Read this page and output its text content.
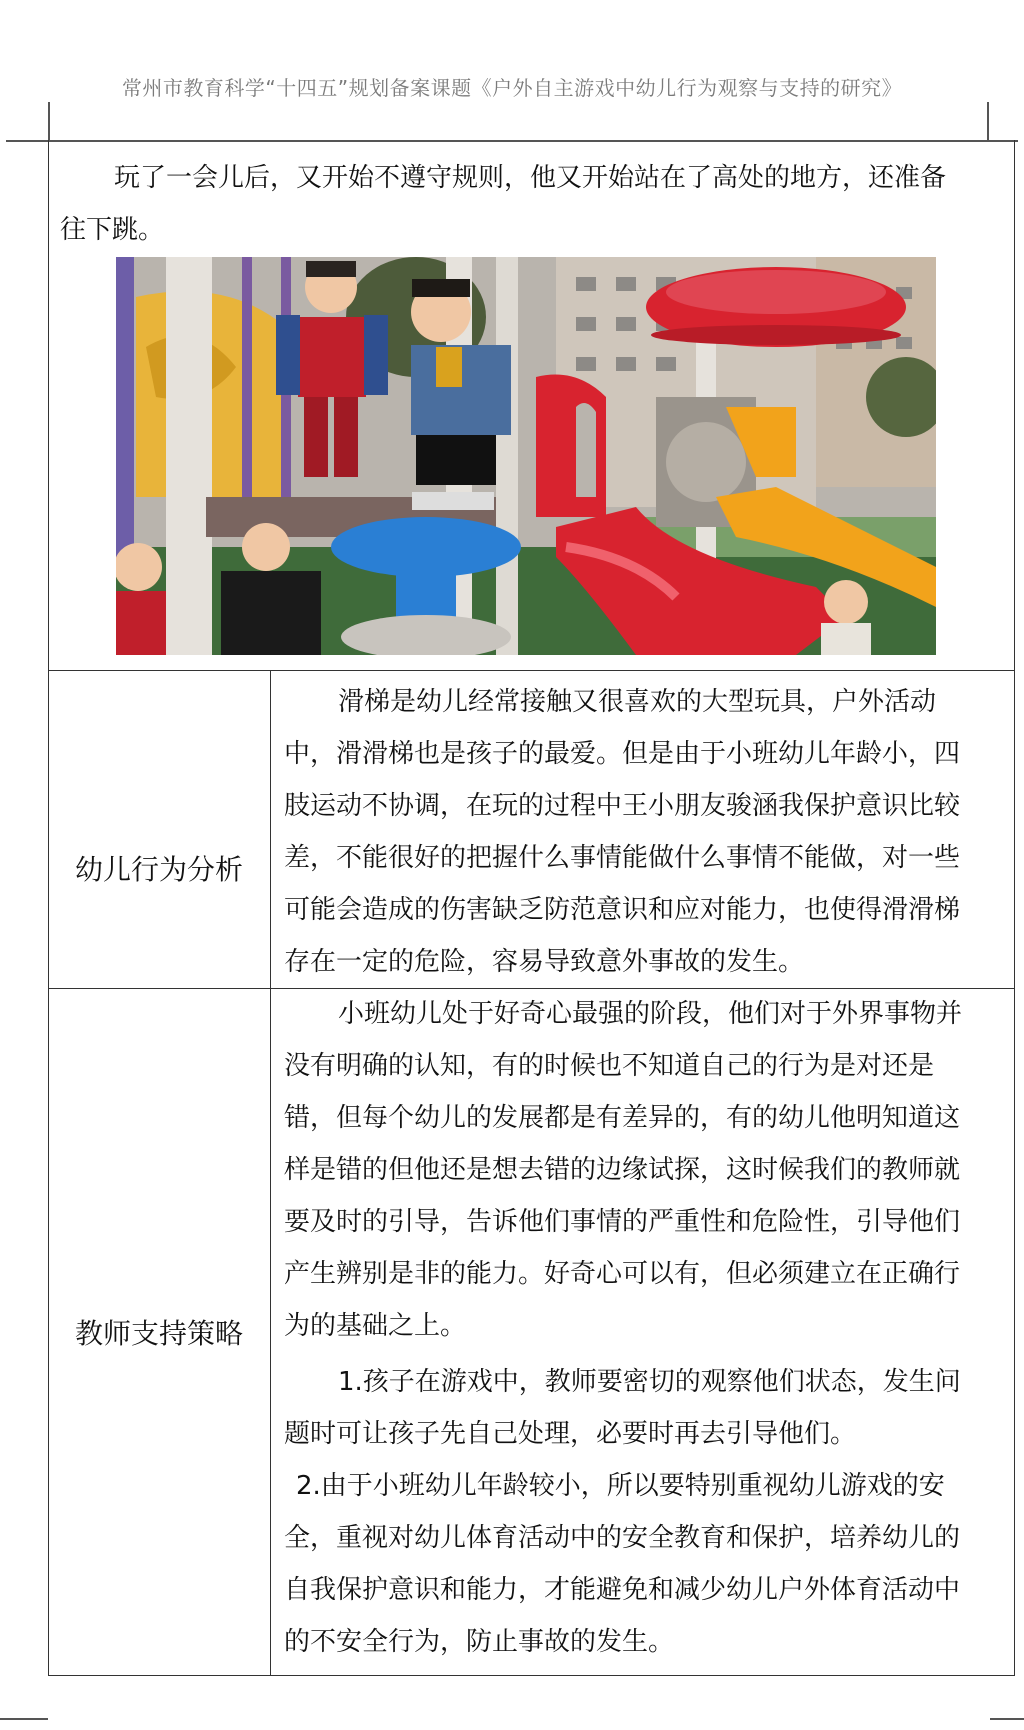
常州市教育科学“十四五”规划备案课题《户外自主游戏中幼儿行为观察与支持的研究》
玩了一会儿后，又开始不遵守规则，他又开始站在了高处的地方，还准备
往下跳。
幼儿行为分析
滑梯是幼儿经常接触又很喜欢的大型玩具，户外活动
中，滑滑梯也是孩子的最爱。但是由于小班幼儿年龄小，四
肢运动不协调，在玩的过程中王小朋友骏涵我保护意识比较
差，不能很好的把握什么事情能做什么事情不能做，对一些
可能会造成的伤害缺乏防范意识和应对能力，也使得滑滑梯
存在一定的危险，容易导致意外事故的发生。
教师支持策略
小班幼儿处于好奇心最强的阶段，他们对于外界事物并
没有明确的认知，有的时候也不知道自己的行为是对还是
错，但每个幼儿的发展都是有差异的，有的幼儿他明知道这
样是错的但他还是想去错的边缘试探，这时候我们的教师就
要及时的引导，告诉他们事情的严重性和危险性，引导他们
产生辨别是非的能力。好奇心可以有，但必须建立在正确行
为的基础之上。
1.孩子在游戏中，教师要密切的观察他们状态，发生问
题时可让孩子先自己处理，必要时再去引导他们。
2.由于小班幼儿年龄较小，所以要特别重视幼儿游戏的安
全，重视对幼儿体育活动中的安全教育和保护，培养幼儿的
自我保护意识和能力，才能避免和减少幼儿户外体育活动中
的不安全行为，防止事故的发生。
